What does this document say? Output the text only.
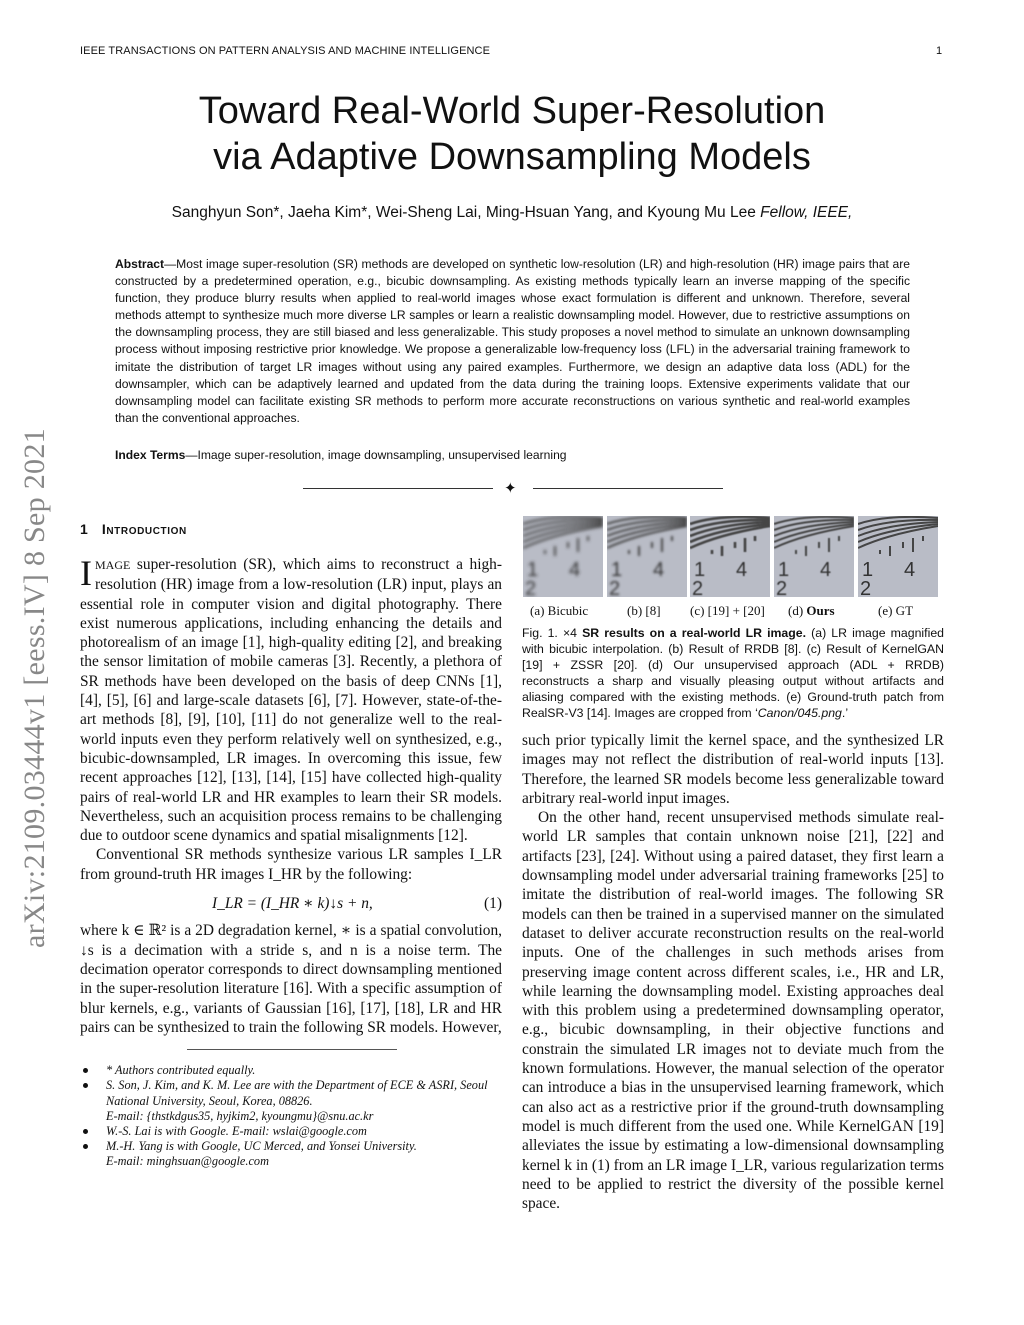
IEEE TRANSACTIONS ON PATTERN ANALYSIS AND MACHINE INTELLIGENCE	1
Toward Real-World Super-Resolution
via Adaptive Downsampling Models
Sanghyun Son*, Jaeha Kim*, Wei-Sheng Lai, Ming-Hsuan Yang, and Kyoung Mu Lee Fellow, IEEE,
Abstract—Most image super-resolution (SR) methods are developed on synthetic low-resolution (LR) and high-resolution (HR) image pairs that are constructed by a predetermined operation, e.g., bicubic downsampling. As existing methods typically learn an inverse mapping of the specific function, they produce blurry results when applied to real-world images whose exact formulation is different and unknown. Therefore, several methods attempt to synthesize much more diverse LR samples or learn a realistic downsampling model. However, due to restrictive assumptions on the downsampling process, they are still biased and less generalizable. This study proposes a novel method to simulate an unknown downsampling process without imposing restrictive prior knowledge. We propose a generalizable low-frequency loss (LFL) in the adversarial training framework to imitate the distribution of target LR images without using any paired examples. Furthermore, we design an adaptive data loss (ADL) for the downsampler, which can be adaptively learned and updated from the data during the training loops. Extensive experiments validate that our downsampling model can facilitate existing SR methods to perform more accurate reconstructions on various synthetic and real-world examples than the conventional approaches.
Index Terms—Image super-resolution, image downsampling, unsupervised learning
✦
arXiv:2109.03444v1 [eess.IV] 8 Sep 2021 1 Introduction

IMAGE super-resolution (SR), which aims to reconstruct a high-resolution (HR) image from a low-resolution (LR) input, plays an essential role in computer vision and digital photography. There exist numerous applications, including enhancing the details and photorealism of an image [1], high-quality editing [2], and breaking the sensor limitation of mobile cameras [3]. Recently, a plethora of SR methods have been developed on the basis of deep CNNs [1], [4], [5], [6] and large-scale datasets [6], [7]. However, state-of-the-art methods [8], [9], [10], [11] do not generalize well to the real-world inputs even they perform relatively well on synthesized, e.g., bicubic-downsampled, LR images. In overcoming this issue, few recent approaches [12], [13], [14], [15] have collected high-quality pairs of real-world LR and HR examples to learn their SR models. Nevertheless, such an acquisition process remains to be challenging due to outdoor scene dynamics and spatial misalignments [12].

Conventional SR methods synthesize various LR samples I_LR from ground-truth HR images I_HR by the following:

I_LR = (I_HR ∗ k)↓s + n,	(1)

where k ∈ ℝ² is a 2D degradation kernel, ∗ is a spatial convolution, ↓s is a decimation with a stride s, and n is a noise term. The decimation operator corresponds to direct downsampling mentioned in the super-resolution literature [16]. With a specific assumption of blur kernels, e.g., variants of Gaussian [16], [17], [18], LR and HR pairs can be synthesized to train the following SR models. However,

* Authors contributed equally.
S. Son, J. Kim, and K. M. Lee are with the Department of ECE & ASRI, Seoul National University, Seoul, Korea, 08826.
E-mail: {thstkdgus35, hyjkim2, kyoungmu}@snu.ac.kr
W.-S. Lai is with Google. E-mail: wslai@google.com
M.-H. Yang is with Google, UC Merced, and Yonsei University.
E-mail: minghsuan@google.com
1 4
2
1 4
2
1 4
2
1 4
2
1 4
2
(a) Bicubic	(b) [8] (c) [19] + [20] (d) Ours	(e) GT
Fig. 1. ×4 SR results on a real-world LR image. (a) LR image magnified with bicubic interpolation. (b) Result of RRDB [8]. (c) Result of KernelGAN [19] + ZSSR [20]. (d) Our unsupervised approach (ADL + RRDB) reconstructs a sharp and visually pleasing output without artifacts and aliasing compared with the existing methods. (e) Ground-truth patch from RealSR-V3 [14]. Images are cropped from ‘Canon/045.png.’

such prior typically limit the kernel space, and the synthesized LR images may not reflect the distribution of real-world inputs [13]. Therefore, the learned SR models become less generalizable toward arbitrary real-world input images.

On the other hand, recent unsupervised methods simulate real-world LR samples that contain unknown noise [21], [22] and artifacts [23], [24]. Without using a paired dataset, they first learn a downsampling model under adversarial training frameworks [25] to imitate the distribution of real-world images. The following SR models can then be trained in a supervised manner on the simulated dataset to deliver accurate reconstruction results on the real-world inputs. One of the challenges in such methods arises from preserving image content across different scales, i.e., HR and LR, while learning the downsampling model. Existing approaches deal with this problem using a predetermined downsampling operator, e.g., bicubic downsampling, in their objective functions and constrain the simulated LR images not to deviate much from the known formulations. However, the manual selection of the operator can introduce a bias in the unsupervised learning framework, which can also act as a restrictive prior if the ground-truth downsampling model is much different from the used one. While KernelGAN [19] alleviates the issue by estimating a low-dimensional downsampling kernel k in (1) from an LR image I_LR, various regularization terms need to be applied to restrict the diversity of the possible kernel space.
